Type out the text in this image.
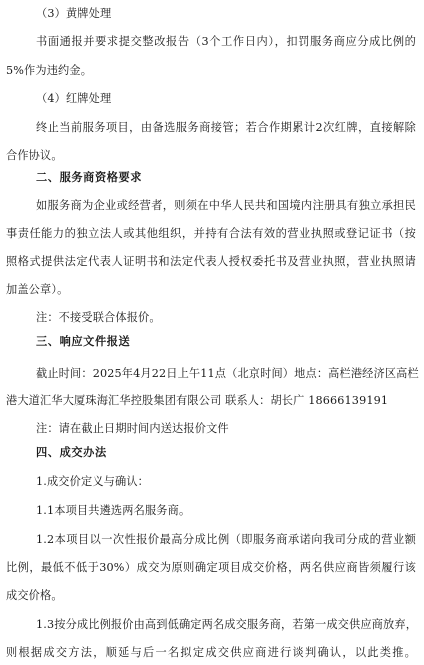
（3）黄牌处理
书面通报并要求提交整改报告（3个工作日内），扣罚服务商应分成比例的
5%作为违约金。
（4）红牌处理
终止当前服务项目，由备选服务商接管；若合作期累计2次红牌，直接解除
合作协议。
二、服务商资格要求
如服务商为企业或经营者，则须在中华人民共和国境内注册具有独立承担民
事责任能力的独立法人或其他组织，并持有合法有效的营业执照或登记证书（按
照格式提供法定代表人证明书和法定代表人授权委托书及营业执照，营业执照请
加盖公章）。
注：不接受联合体报价。
三、响应文件报送
截止时间：2025年4月22日上午11点（北京时间）地点：高栏港经济区高栏
港大道汇华大厦珠海汇华控股集团有限公司 联系人：胡长广 18666139191
注：请在截止日期时间内送达报价文件
四、成交办法
1.成交价定义与确认：
1.1本项目共遴选两名服务商。
1.2本项目以一次性报价最高分成比例（即服务商承诺向我司分成的营业额
比例，最低不低于30%）成交为原则确定项目成交价格，两名供应商皆须履行该
成交价格。
1.3按分成比例报价由高到低确定两名成交服务商，若第一成交供应商放弃，
则根据成交方法，顺延与后一名拟定成交供应商进行谈判确认，以此类推。
